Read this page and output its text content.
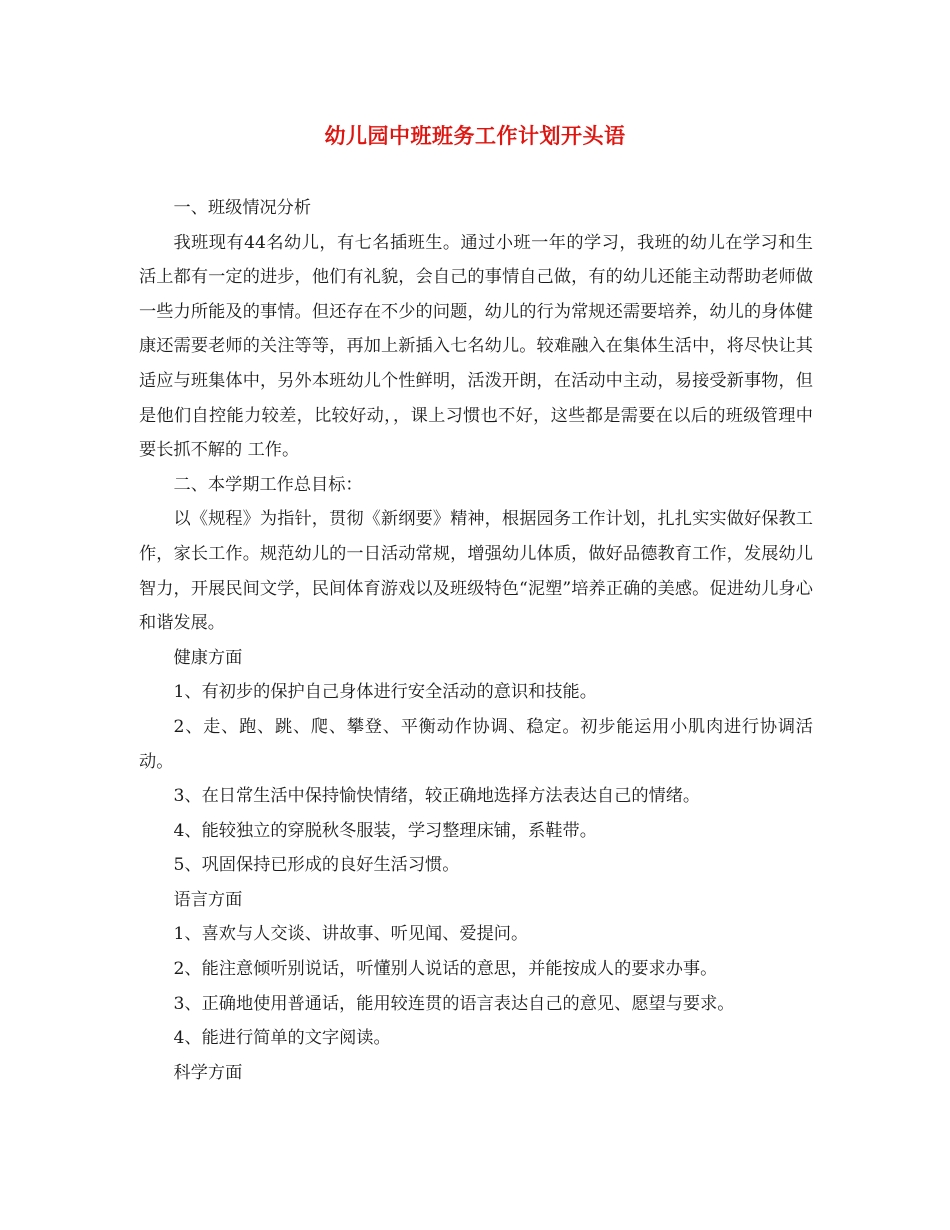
幼儿园中班班务工作计划开头语

一、班级情况分析

我班现有44名幼儿，有七名插班生。通过小班一年的学习，我班的幼儿在学习和生活上都有一定的进步，他们有礼貌，会自己的事情自己做，有的幼儿还能主动帮助老师做一些力所能及的事情。但还存在不少的问题，幼儿的行为常规还需要培养，幼儿的身体健康还需要老师的关注等等，再加上新插入七名幼儿。较难融入在集体生活中，将尽快让其适应与班集体中，另外本班幼儿个性鲜明，活泼开朗，在活动中主动，易接受新事物，但是他们自控能力较差，比较好动，，课上习惯也不好，这些都是需要在以后的班级管理中要长抓不解的 工作。

二、本学期工作总目标：

以《规程》为指针，贯彻《新纲要》精神，根据园务工作计划，扎扎实实做好保教工作，家长工作。规范幼儿的一日活动常规，增强幼儿体质，做好品德教育工作，发展幼儿智力，开展民间文学，民间体育游戏以及班级特色“泥塑”培养正确的美感。促进幼儿身心和谐发展。

健康方面

1、有初步的保护自己身体进行安全活动的意识和技能。

2、走、跑、跳、爬、攀登、平衡动作协调、稳定。初步能运用小肌肉进行协调活动。

3、在日常生活中保持愉快情绪，较正确地选择方法表达自己的情绪。

4、能较独立的穿脱秋冬服装，学习整理床铺，系鞋带。

5、巩固保持已形成的良好生活习惯。

语言方面

1、喜欢与人交谈、讲故事、听见闻、爱提问。

2、能注意倾听别说话，听懂别人说话的意思，并能按成人的要求办事。

3、正确地使用普通话，能用较连贯的语言表达自己的意见、愿望与要求。

4、能进行简单的文字阅读。

科学方面
